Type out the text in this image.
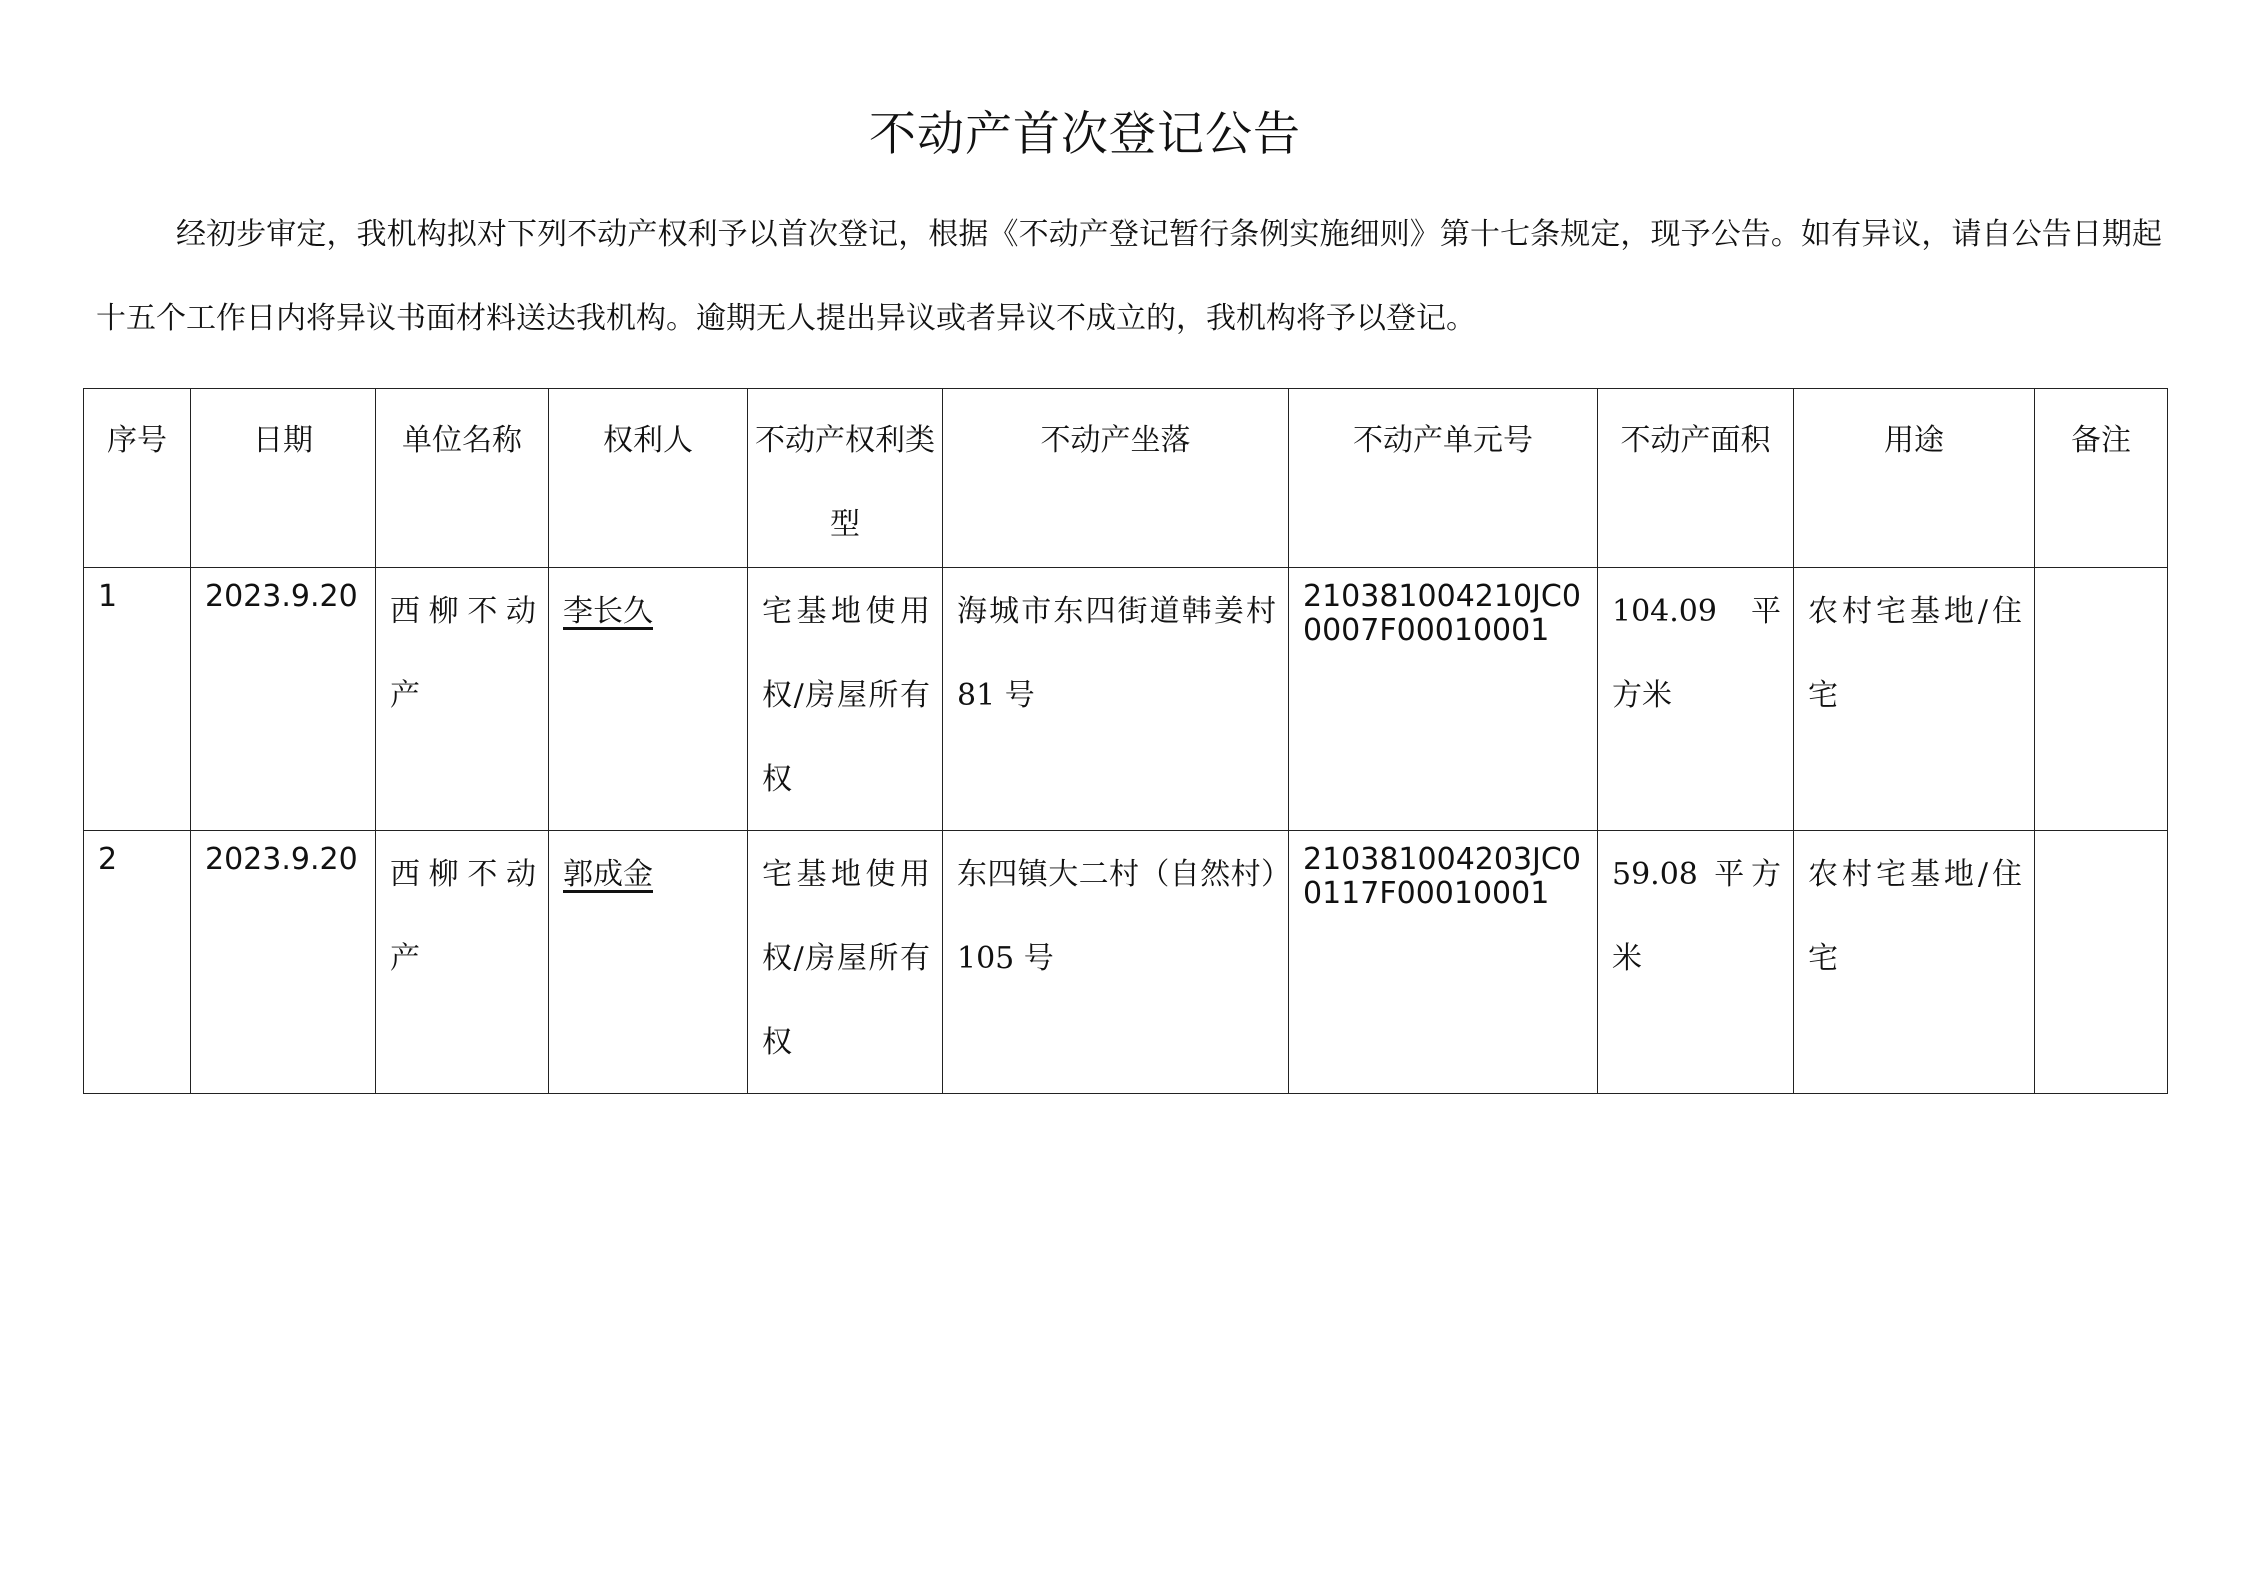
不动产首次登记公告
经初步审定，我机构拟对下列不动产权利予以首次登记，根据《不动产登记暂行条例实施细则》第十七条规定，现予公告。如有异议，请自公告日期起十五个工作日内将异议书面材料送达我机构。逾期无人提出异议或者异议不成立的，我机构将予以登记。
序号	日期	单位名称	权利人	不动产权利类型	不动产坐落	不动产单元号	不动产面积	用途	备注
1	2023.9.20	西柳不动产	李长久	宅基地使用权/房屋所有权	海城市东四街道韩姜村 81 号	210381004210JC00007F00010001	104.09 平方米	农村宅基地/住宅	
2	2023.9.20	西柳不动产	郭成金	宅基地使用权/房屋所有权	东四镇大二村（自然村）105 号	210381004203JC00117F00010001	59.08 平方米	农村宅基地/住宅	
